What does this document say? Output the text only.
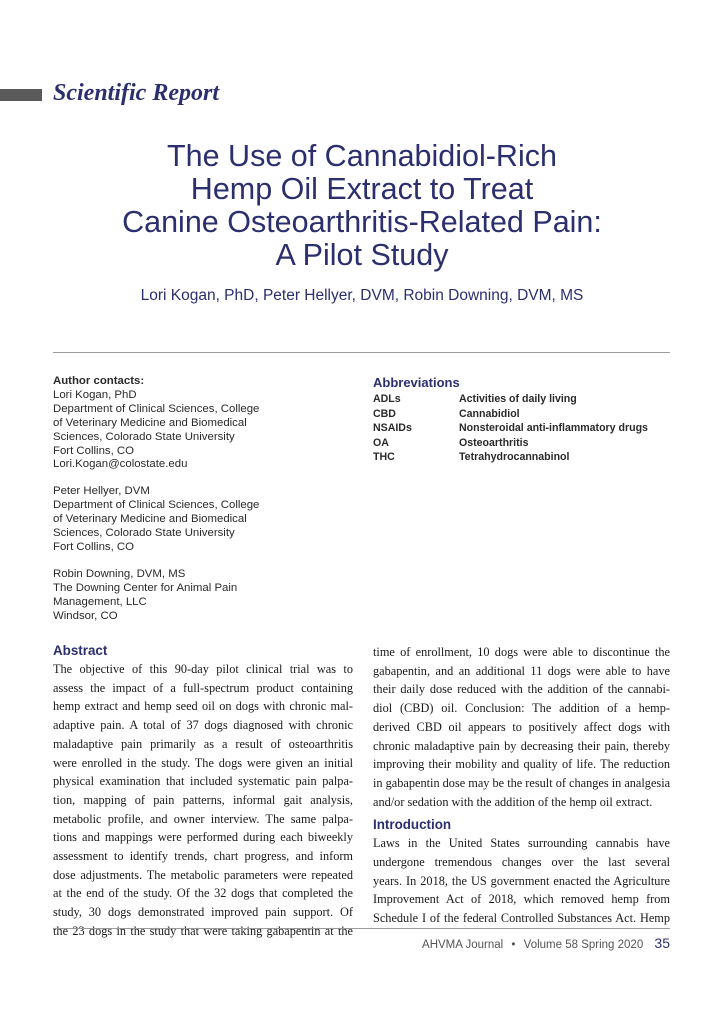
Scientific Report
The Use of Cannabidiol-Rich
Hemp Oil Extract to Treat
Canine Osteoarthritis-Related Pain:
A Pilot Study
Lori Kogan, PhD, Peter Hellyer, DVM, Robin Downing, DVM, MS
Author contacts:
Lori Kogan, PhD
Department of Clinical Sciences, College
of Veterinary Medicine and Biomedical
Sciences, Colorado State University
Fort Collins, CO
Lori.Kogan@colostate.edu
Peter Hellyer, DVM
Department of Clinical Sciences, College
of Veterinary Medicine and Biomedical
Sciences, Colorado State University
Fort Collins, CO
Robin Downing, DVM, MS
The Downing Center for Animal Pain
Management, LLC
Windsor, CO
Abbreviations
ADLs	Activities of daily living
CBD	Cannabidiol
NSAIDs	Nonsteroidal anti-inflammatory drugs
OA	Osteoarthritis
THC	Tetrahydrocannabinol
Abstract
The objective of this 90-day pilot clinical trial was to
assess the impact of a full-spectrum product containing
hemp extract and hemp seed oil on dogs with chronic mal-
adaptive pain. A total of 37 dogs diagnosed with chronic
maladaptive pain primarily as a result of osteoarthritis
were enrolled in the study. The dogs were given an initial
physical examination that included systematic pain palpa-
tion, mapping of pain patterns, informal gait analysis,
metabolic profile, and owner interview. The same palpa-
tions and mappings were performed during each biweekly
assessment to identify trends, chart progress, and inform
dose adjustments. The metabolic parameters were repeated
at the end of the study. Of the 32 dogs that completed the
study, 30 dogs demonstrated improved pain support. Of
the 23 dogs in the study that were taking gabapentin at the
time of enrollment, 10 dogs were able to discontinue the
gabapentin, and an additional 11 dogs were able to have
their daily dose reduced with the addition of the cannabi-
diol (CBD) oil. Conclusion: The addition of a hemp-
derived CBD oil appears to positively affect dogs with
chronic maladaptive pain by decreasing their pain, thereby
improving their mobility and quality of life. The reduction
in gabapentin dose may be the result of changes in analgesia
and/or sedation with the addition of the hemp oil extract.
Introduction
Laws in the United States surrounding cannabis have
undergone tremendous changes over the last several
years. In 2018, the US government enacted the Agriculture
Improvement Act of 2018, which removed hemp from
Schedule I of the federal Controlled Substances Act. Hemp
AHVMA Journal • Volume 58 Spring 2020 35
